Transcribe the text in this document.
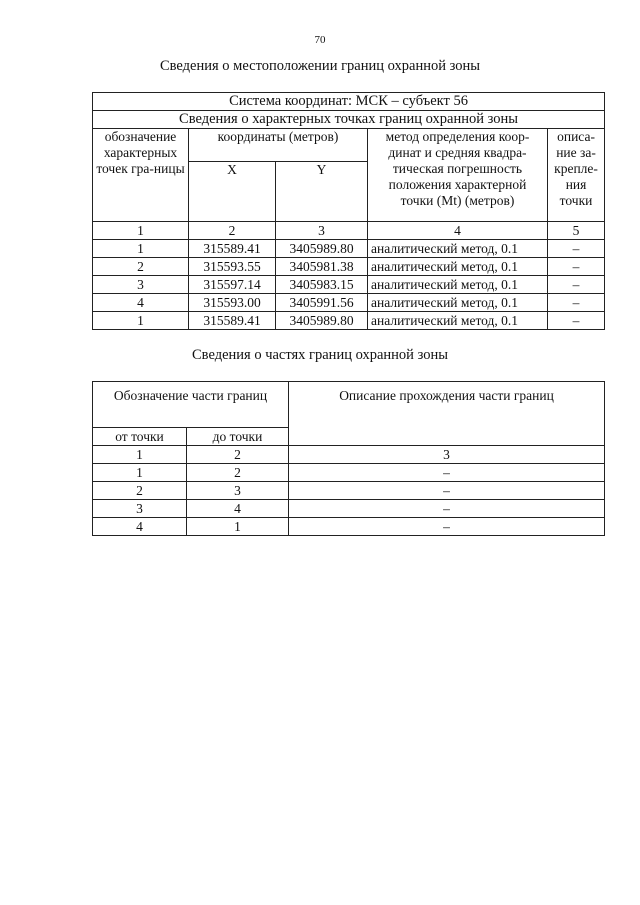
70
Сведения о местоположении границ охранной зоны
Система координат: МСК – субъект 56				
Сведения о характерных точках границ охранной зоны				
обозначение характерных точек гра-ницы	координаты (метров)		метод определения коор-динат и средняя квадра-тическая погрешность положения характерной точки (Mt) (метров)	описа-ние за-крепле-ния точки
	X	Y		
1	2	3	4	5
1	315589.41	3405989.80	аналитический метод, 0.1	–
2	315593.55	3405981.38	аналитический метод, 0.1	–
3	315597.14	3405983.15	аналитический метод, 0.1	–
4	315593.00	3405991.56	аналитический метод, 0.1	–
1	315589.41	3405989.80	аналитический метод, 0.1	–
Сведения о частях границ охранной зоны
Обозначение части границ		Описание прохождения части границ
от точки	до точки	
1	2	3
1	2	–
2	3	–
3	4	–
4	1	–
